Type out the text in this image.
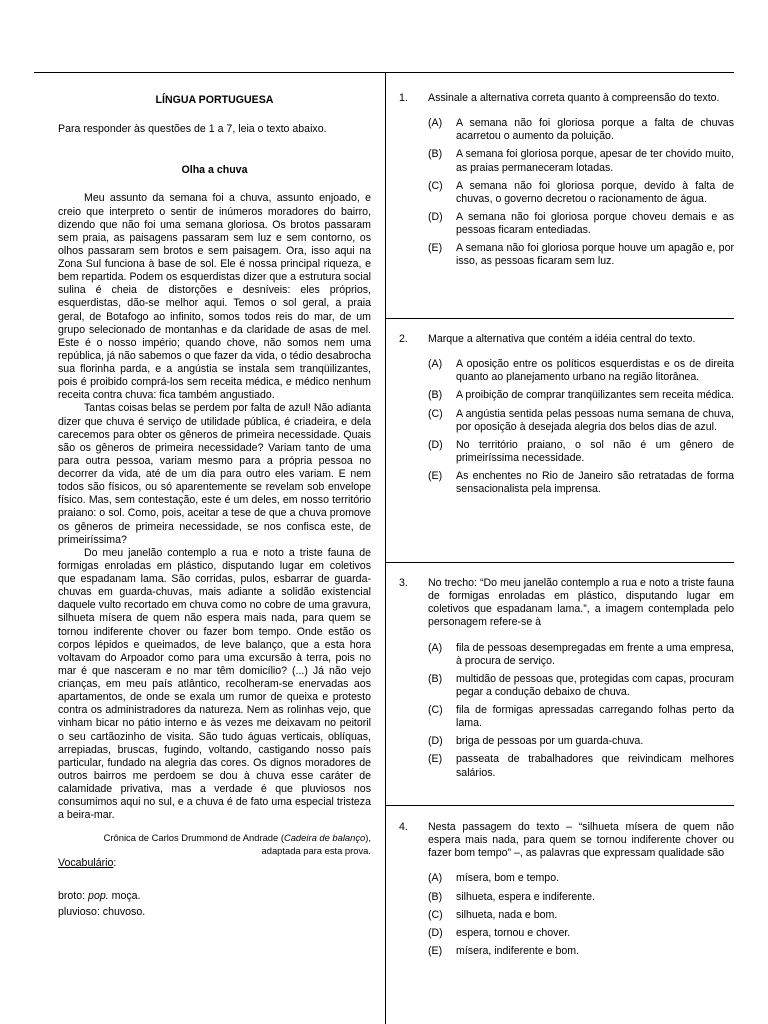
LÍNGUA PORTUGUESA
Para responder às questões de 1 a 7, leia o texto abaixo.
Olha a chuva

Meu assunto da semana foi a chuva, assunto enjoado, e creio que interpreto o sentir de inúmeros moradores do bairro, dizendo que não foi uma semana gloriosa. Os brotos passaram sem praia, as paisagens passaram sem luz e sem contorno, os olhos passaram sem brotos e sem paisagem. Ora, isso aqui na Zona Sul funciona à base de sol. Ele é nossa principal riqueza, e bem repartida. Podem os esquerdistas dizer que a estrutura social sulina é cheia de distorções e desníveis: eles próprios, esquerdistas, dão-se melhor aqui. Temos o sol geral, a praia geral, de Botafogo ao infinito, somos todos reis do mar, de um grupo selecionado de montanhas e da claridade de asas de mel. Este é o nosso império; quando chove, não somos nem uma república, já não sabemos o que fazer da vida, o tédio desabrocha sua florinha parda, e a angústia se instala sem tranqüilizantes, pois é proibido comprá-los sem receita médica, e médico nenhum receita contra chuva: fica também angustiado.

Tantas coisas belas se perdem por falta de azul! Não adianta dizer que chuva é serviço de utilidade pública, é criadeira, e dela carecemos para obter os gêneros de primeira necessidade. Quais são os gêneros de primeira necessidade? Variam tanto de uma para outra pessoa, variam mesmo para a própria pessoa no decorrer da vida, até de um dia para outro eles variam. E nem todos são físicos, ou só aparentemente se revelam sob envelope físico. Mas, sem contestação, este é um deles, em nosso território praiano: o sol. Como, pois, aceitar a tese de que a chuva promove os gêneros de primeira necessidade, se nos confisca este, de primeiríssima?

Do meu janelão contemplo a rua e noto a triste fauna de formigas enroladas em plástico, disputando lugar em coletivos que espadanam lama. São corridas, pulos, esbarrar de guarda-chuvas em guarda-chuvas, mais adiante a solidão existencial daquele vulto recortado em chuva como no cobre de uma gravura, silhueta mísera de quem não espera mais nada, para quem se tornou indiferente chover ou fazer bom tempo. Onde estão os corpos lépidos e queimados, de leve balanço, que a esta hora voltavam do Arpoador como para uma excursão à terra, pois no mar é que nasceram e no mar têm domicílio? (...) Já não vejo crianças, em meu país atlântico, recolheram-se enervadas aos apartamentos, de onde se exala um rumor de queixa e protesto contra os administradores da natureza. Nem as rolinhas vejo, que vinham bicar no pátio interno e às vezes me deixavam no peitoril o seu cartãozinho de visita. São tudo águas verticais, oblíquas, arrepiadas, bruscas, fugindo, voltando, castigando nosso país particular, fundado na alegria das cores. Os dignos moradores de outros bairros me perdoem se dou à chuva esse caráter de calamidade privativa, mas a verdade é que pluviosos nos consumimos aqui no sul, e a chuva é de fato uma especial tristeza a beira-mar.

Crônica de Carlos Drummond de Andrade (Cadeira de balanço),
adaptada para esta prova.
Vocabulário:
broto: pop. moça.
pluvioso: chuvoso.
1.	Assinale a alternativa correta quanto à compreensão do texto.
(A)	A semana não foi gloriosa porque a falta de chuvas acarretou o aumento da poluição.
(B)	A semana foi gloriosa porque, apesar de ter chovido muito, as praias permaneceram lotadas.
(C)	A semana não foi gloriosa porque, devido à falta de chuvas, o governo decretou o racionamento de água.
(D)	A semana não foi gloriosa porque choveu demais e as pessoas ficaram entediadas.
(E)	A semana não foi gloriosa porque houve um apagão e, por isso, as pessoas ficaram sem luz.
2.	Marque a alternativa que contém a idéia central do texto.
(A)	A oposição entre os políticos esquerdistas e os de direita quanto ao planejamento urbano na região litorânea.
(B)	A proibição de comprar tranqüilizantes sem receita médica.
(C)	A angústia sentida pelas pessoas numa semana de chuva, por oposição à desejada alegria dos belos dias de azul.
(D)	No território praiano, o sol não é um gênero de primeiríssima necessidade.
(E)	As enchentes no Rio de Janeiro são retratadas de forma sensacionalista pela imprensa.
3.	No trecho: “Do meu janelão contemplo a rua e noto a triste fauna de formigas enroladas em plástico, disputando lugar em coletivos que espadanam lama.”, a imagem contemplada pelo personagem refere-se à
(A)	fila de pessoas desempregadas em frente a uma empresa, à procura de serviço.
(B)	multidão de pessoas que, protegidas com capas, procuram pegar a condução debaixo de chuva.
(C)	fila de formigas apressadas carregando folhas perto da lama.
(D)	briga de pessoas por um guarda-chuva.
(E)	passeata de trabalhadores que reivindicam melhores salários.
4.	Nesta passagem do texto – “silhueta mísera de quem não espera mais nada, para quem se tornou indiferente chover ou fazer bom tempo” –, as palavras que expressam qualidade são
(A)	mísera, bom e tempo.
(B)	silhueta, espera e indiferente.
(C)	silhueta, nada e bom.
(D)	espera, tornou e chover.
(E)	mísera, indiferente e bom.
